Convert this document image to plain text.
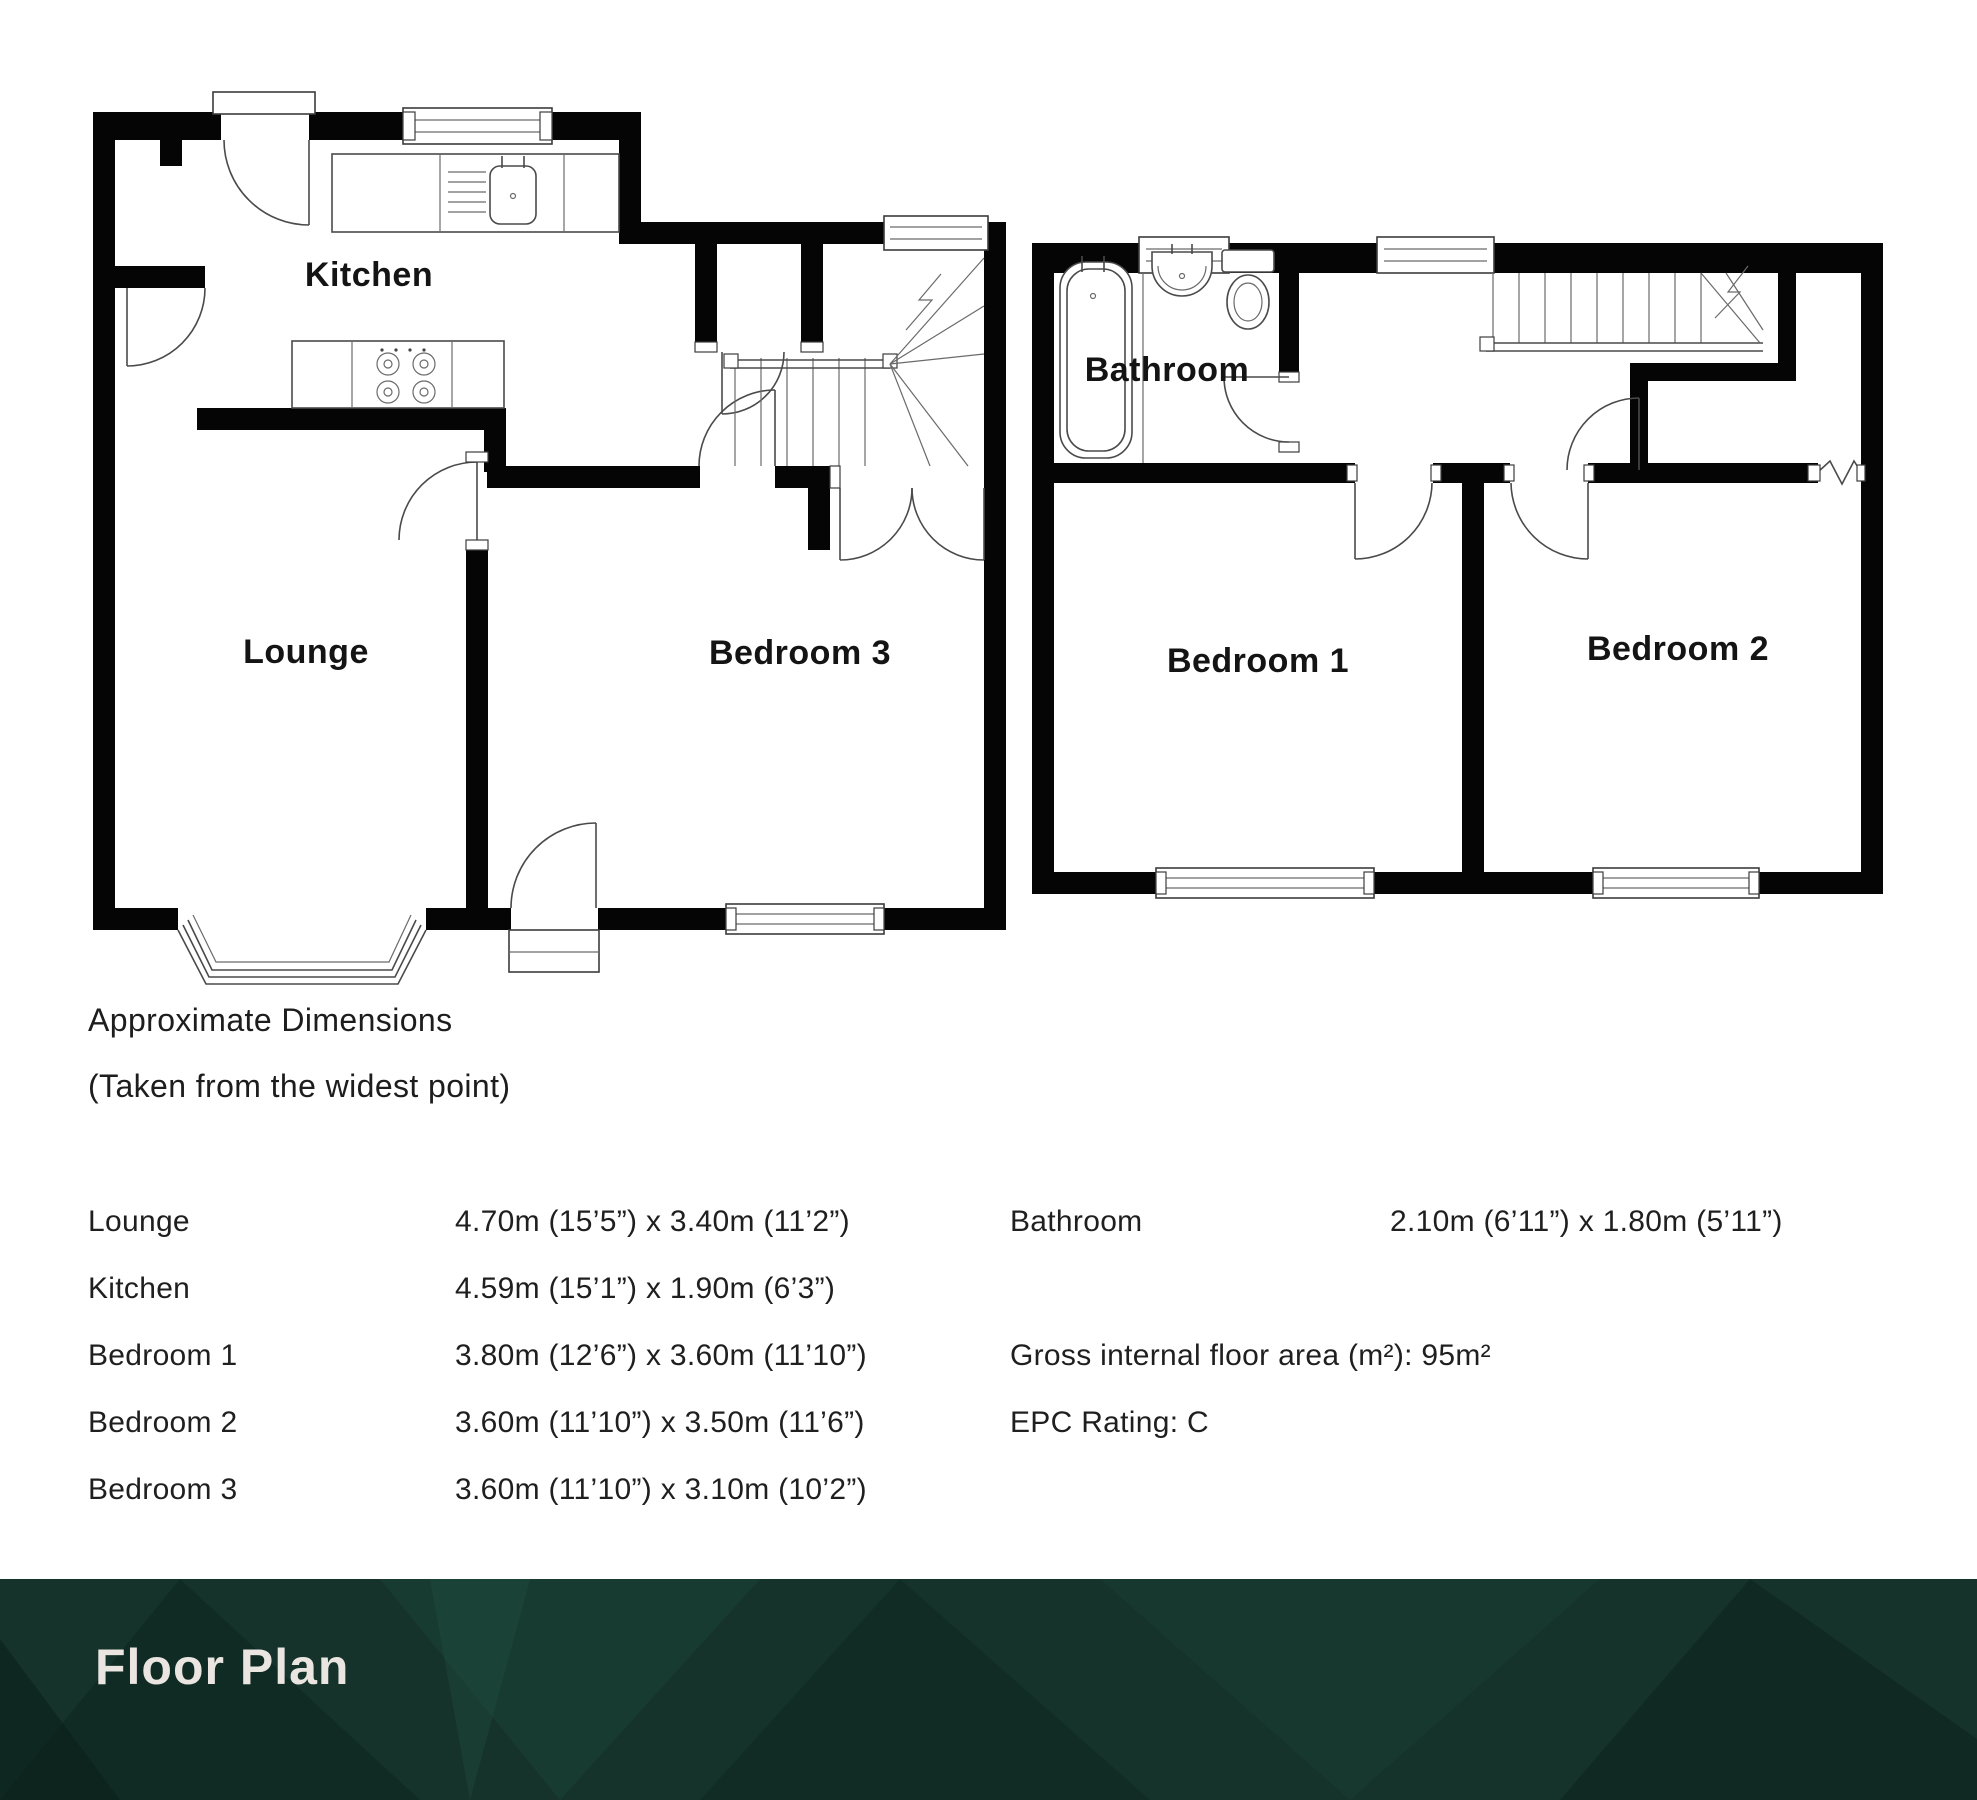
Kitchen
Lounge	Bedroom 3
Bathroom
Bedroom 1	Bedroom 2
Approximate Dimensions
(Taken from the widest point)
Lounge	4.70m (15’5”) x 3.40m (11’2”)
Kitchen	4.59m (15’1”) x 1.90m (6’3”)
Bedroom 1	3.80m (12’6”) x 3.60m (11’10”)
Bedroom 2	3.60m (11’10”) x 3.50m (11’6”)
Bedroom 3	3.60m (11’10”) x 3.10m (10’2”)
Bathroom	2.10m (6’11”) x 1.80m (5’11”)
Gross internal floor area (m²): 95m²
EPC Rating: C
Floor Plan
